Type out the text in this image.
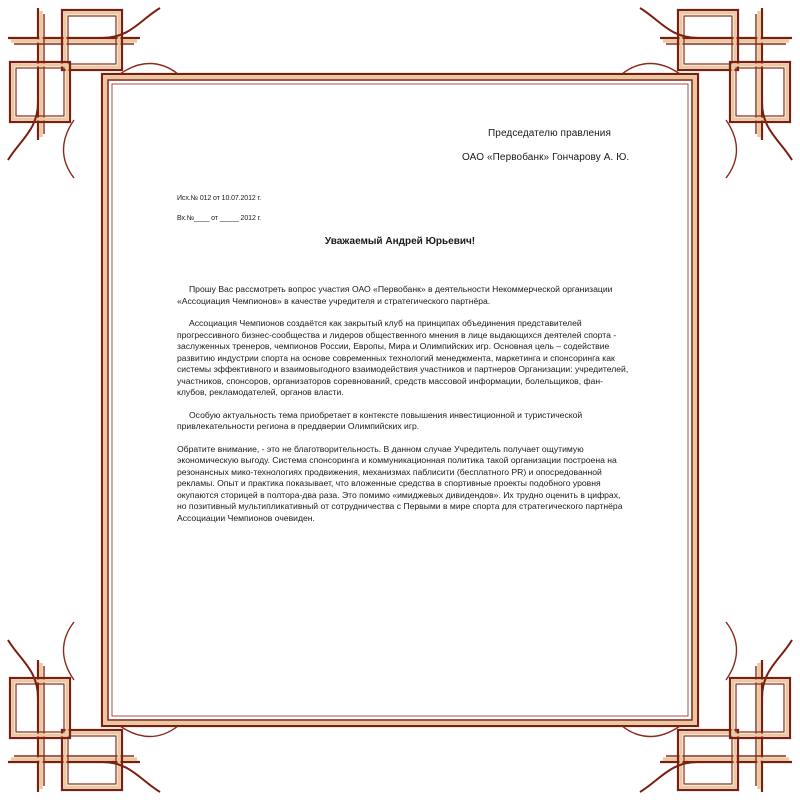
Председателю правления
ОАО «Первобанк» Гончарову А. Ю.
Исх.№ 012 от 10.07.2012 г.
Вх.№____ от _____ 2012 г.
Уважаемый Андрей Юрьевич!

Прошу Вас рассмотреть вопрос участия ОАО «Первобанк» в деятельности Некоммерческой организации «Ассоциация Чемпионов» в качестве учредителя и стратегического партнёра.

Ассоциация Чемпионов создаётся как закрытый клуб на принципах объединения представителей прогрессивного бизнес-сообщества и лидеров общественного мнения в лице выдающихся деятелей спорта - заслуженных тренеров, чемпионов России, Европы, Мира и Олимпийских игр. Основная цель – содействие развитию индустрии спорта на основе современных технологий менеджмента, маркетинга и спонсоринга как системы эффективного и взаимовыгодного взаимодействия участников и партнеров Организации: учредителей, участников, спонсоров, организаторов соревнований, средств массовой информации, болельщиков, фан-клубов, рекламодателей, органов власти.

Особую актуальность тема приобретает в контексте повышения инвестиционной и туристической привлекательности региона в преддверии Олимпийских игр.

Обратите внимание, - это не благотворительность. В данном случае Учредитель получает ощутимую экономическую выгоду. Система спонсоринга и коммуникационная политика такой организации построена на резонансных мико-технологиях продвижения, механизмах паблисити (бесплатного PR) и опосредованной рекламы. Опыт и практика показывает, что вложенные средства в спортивные проекты подобного уровня окупаются сторицей в полтора-два раза. Это помимо «имиджевых дивидендов». Их трудно оценить в цифрах, но позитивный мультипликативный от сотрудничества с Первыми в мире спорта для стратегического партнёра Ассоциации Чемпионов очевиден.
